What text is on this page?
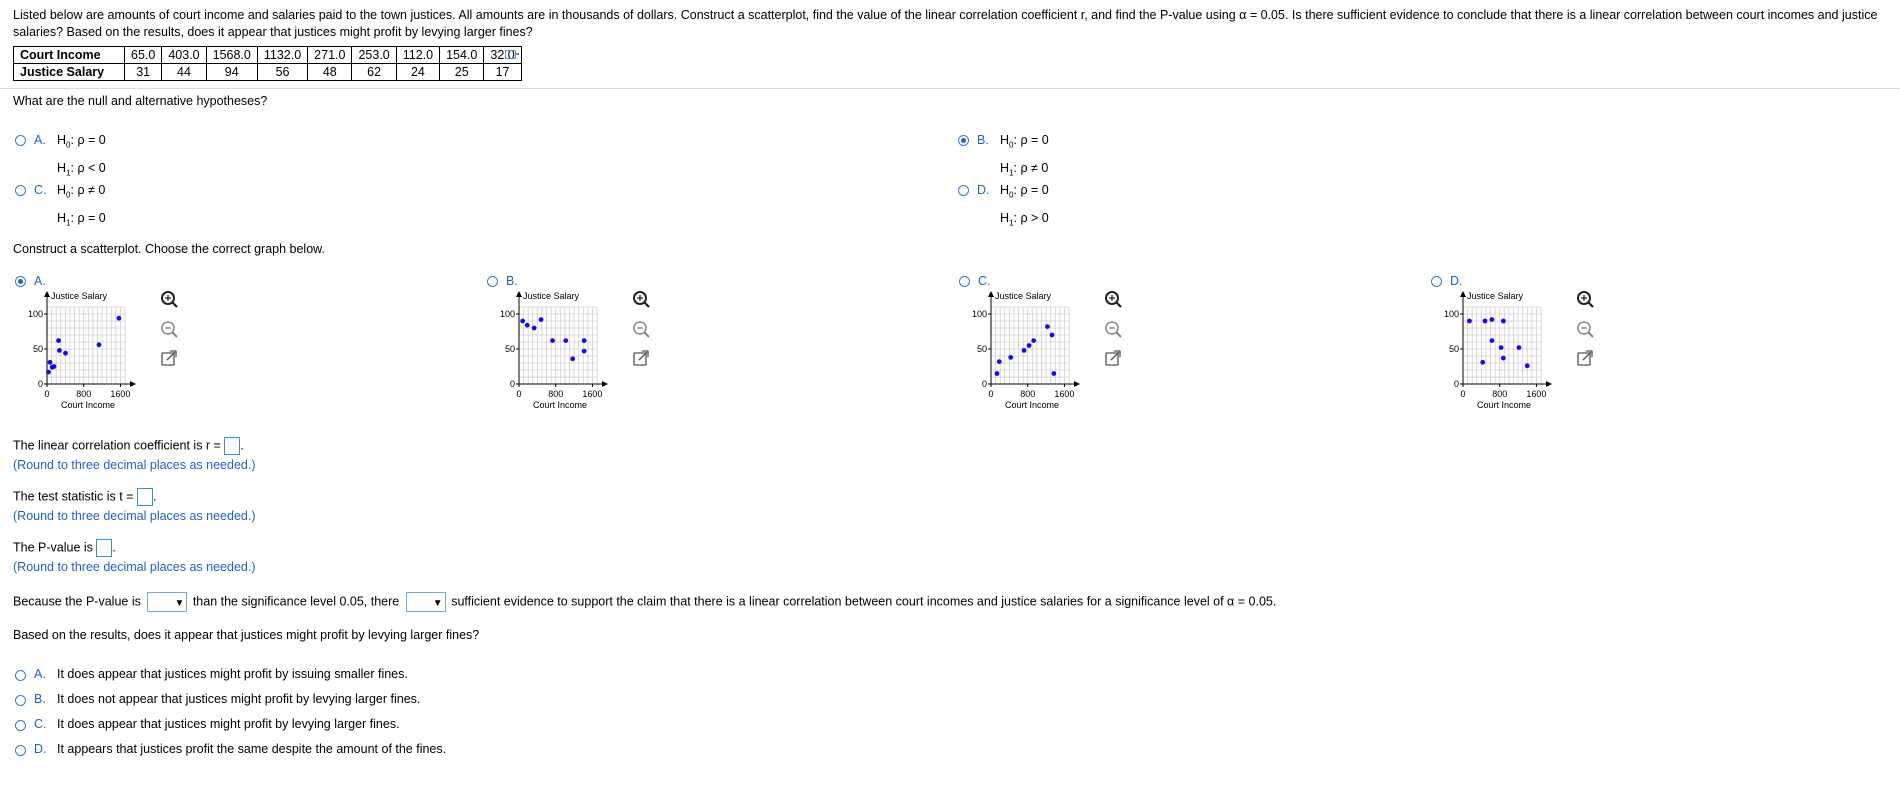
Listed below are amounts of court income and salaries paid to the town justices. All amounts are in thousands of dollars. Construct a scatterplot, find the value of the linear correlation coefficient r, and find the P-value using α = 0.05. Is there sufficient evidence to conclude that there is a linear correlation between court incomes and justice salaries? Based on the results, does it appear that justices might profit by levying larger fines?
Court Income	65.0	403.0	1568.0	1132.0	271.0	253.0	112.0	154.0	32.0
Justice Salary	31	44	94	56	48	62	24	25	17
What are the null and alternative hypotheses?
A. $H_0$: ρ = 0
$H_1$: ρ < 0
B. $H_0$: ρ = 0
$H_1$: ρ ≠ 0
C. $H_0$: ρ ≠ 0
$H_1$: ρ = 0
D. $H_0$: ρ = 0
$H_1$: ρ > 0
Construct a scatterplot. Choose the correct graph below.
A.
100
50
0
0	800 1600
Justice Salary
Court Income
B.
100
50
0
0	800 1600
Justice Salary
Court Income
C.
100
50
0
0	800 1600
Justice Salary
Court Income
D.
100
50
0
0	800 1600
Justice Salary
Court Income
The linear correlation coefficient is r = .
(Round to three decimal places as needed.)
The test statistic is t = .
(Round to three decimal places as needed.)
The P-value is .
(Round to three decimal places as needed.)
Because the P-value is ▼	than the significance level 0.05, there ▼	sufficient evidence to support the claim that there is a linear correlation between court incomes and justice salaries for a significance level of α = 0.05.
Based on the results, does it appear that justices might profit by levying larger fines?
A. It does appear that justices might profit by issuing smaller fines.
B. It does not appear that justices might profit by levying larger fines.
C. It does appear that justices might profit by levying larger fines.
D. It appears that justices profit the same despite the amount of the fines.
